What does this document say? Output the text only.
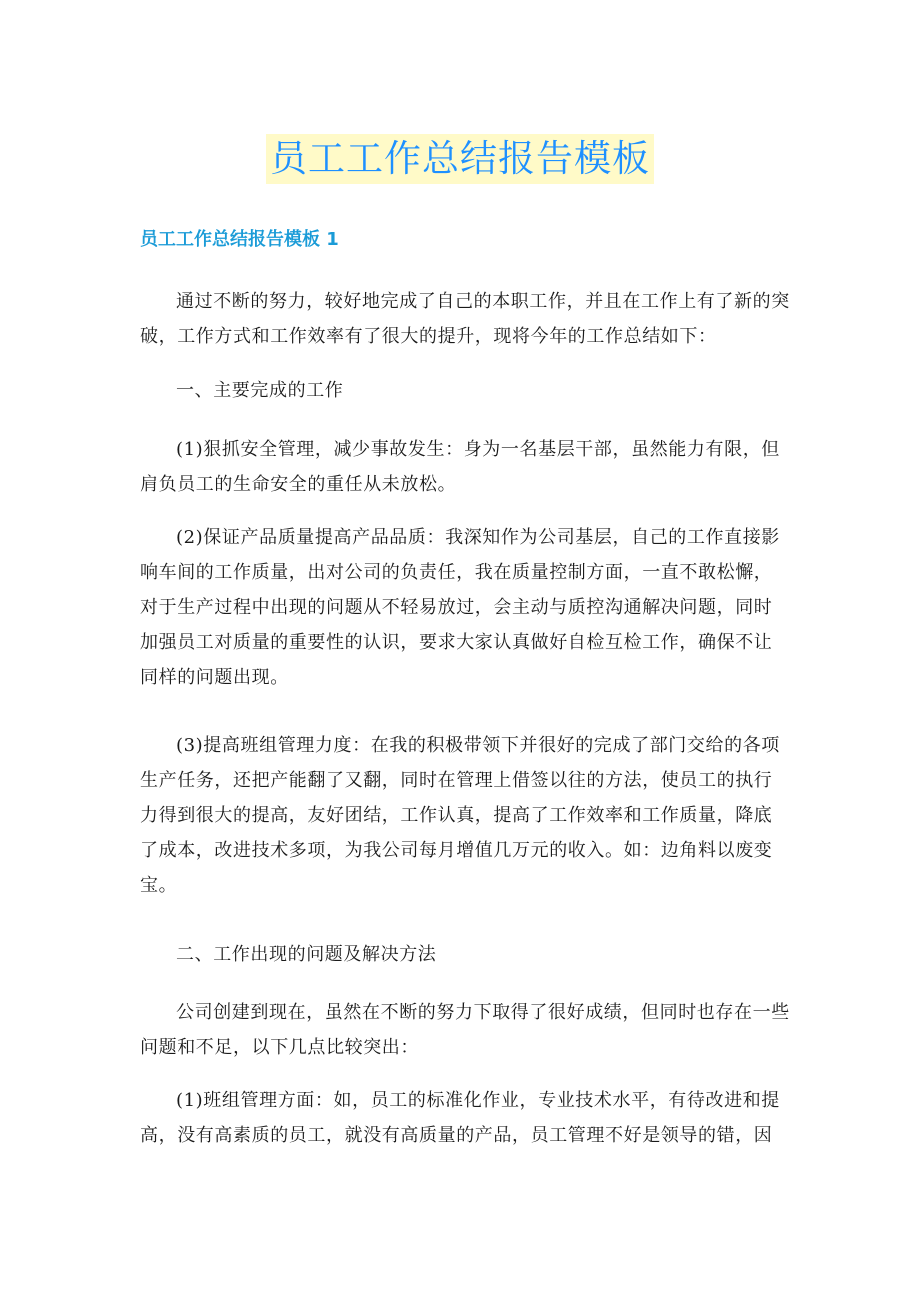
员工工作总结报告模板
员工工作总结报告模板 1
通过不断的努力，较好地完成了自己的本职工作，并且在工作上有了新的突破，工作方式和工作效率有了很大的提升，现将今年的工作总结如下：
一、主要完成的工作
(1)狠抓安全管理，减少事故发生：身为一名基层干部，虽然能力有限，但肩负员工的生命安全的重任从未放松。
(2)保证产品质量提高产品品质：我深知作为公司基层，自己的工作直接影响车间的工作质量，出对公司的负责任，我在质量控制方面，一直不敢松懈，对于生产过程中出现的问题从不轻易放过，会主动与质控沟通解决问题，同时加强员工对质量的重要性的认识，要求大家认真做好自检互检工作，确保不让同样的问题出现。
(3)提高班组管理力度：在我的积极带领下并很好的完成了部门交给的各项生产任务，还把产能翻了又翻，同时在管理上借签以往的方法，使员工的执行力得到很大的提高，友好团结，工作认真，提高了工作效率和工作质量，降底了成本，改进技术多项，为我公司每月增值几万元的收入。如：边角料以废变宝。
二、工作出现的问题及解决方法
公司创建到现在，虽然在不断的努力下取得了很好成绩，但同时也存在一些问题和不足，以下几点比较突出：
(1)班组管理方面：如，员工的标准化作业，专业技术水平，有待改进和提高，没有高素质的员工，就没有高质量的产品，员工管理不好是领导的错，因
